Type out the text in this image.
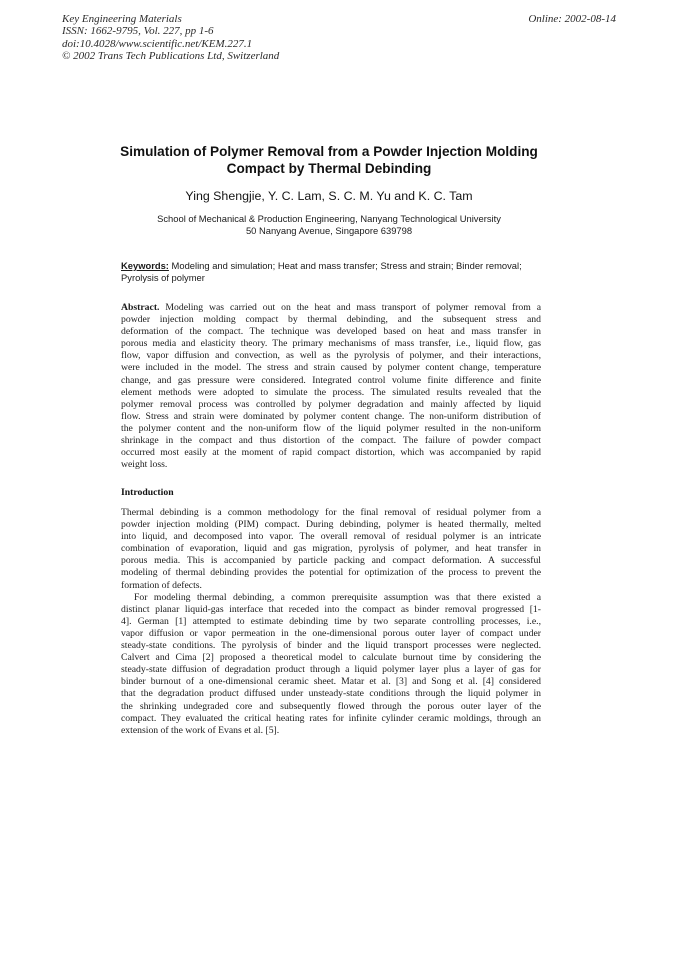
Key Engineering Materials
ISSN: 1662-9795, Vol. 227, pp 1-6
doi:10.4028/www.scientific.net/KEM.227.1
© 2002 Trans Tech Publications Ltd, Switzerland
Online: 2002-08-14
Simulation of Polymer Removal from a Powder Injection Molding
Compact by Thermal Debinding
Ying Shengjie, Y. C. Lam, S. C. M. Yu and K. C. Tam
School of Mechanical & Production Engineering, Nanyang Technological University
50 Nanyang Avenue, Singapore 639798
Keywords: Modeling and simulation; Heat and mass transfer; Stress and strain; Binder removal;
Pyrolysis of polymer
Abstract. Modeling was carried out on the heat and mass transport of polymer removal from a
powder injection molding compact by thermal debinding, and the subsequent stress and
deformation of the compact. The technique was developed based on heat and mass transfer in
porous media and elasticity theory. The primary mechanisms of mass transfer, i.e., liquid flow, gas
flow, vapor diffusion and convection, as well as the pyrolysis of polymer, and their interactions,
were included in the model. The stress and strain caused by polymer content change, temperature
change, and gas pressure were considered. Integrated control volume finite difference and finite
element methods were adopted to simulate the process. The simulated results revealed that the
polymer removal process was controlled by polymer degradation and mainly affected by liquid
flow. Stress and strain were dominated by polymer content change. The non-uniform distribution of
the polymer content and the non-uniform flow of the liquid polymer resulted in the non-uniform
shrinkage in the compact and thus distortion of the compact. The failure of powder compact
occurred most easily at the moment of rapid compact distortion, which was accompanied by rapid
weight loss.
Introduction
Thermal debinding is a common methodology for the final removal of residual polymer from a
powder injection molding (PIM) compact. During debinding, polymer is heated thermally, melted
into liquid, and decomposed into vapor. The overall removal of residual polymer is an intricate
combination of evaporation, liquid and gas migration, pyrolysis of polymer, and heat transfer in
porous media. This is accompanied by particle packing and compact deformation. A successful
modeling of thermal debinding provides the potential for optimization of the process to prevent the
formation of defects.
For modeling thermal debinding, a common prerequisite assumption was that there existed a
distinct planar liquid-gas interface that receded into the compact as binder removal progressed [1-
4]. German [1] attempted to estimate debinding time by two separate controlling processes, i.e.,
vapor diffusion or vapor permeation in the one-dimensional porous outer layer of compact under
steady-state conditions. The pyrolysis of binder and the liquid transport processes were neglected.
Calvert and Cima [2] proposed a theoretical model to calculate burnout time by considering the
steady-state diffusion of degradation product through a liquid polymer layer plus a layer of gas for
binder burnout of a one-dimensional ceramic sheet. Matar et al. [3] and Song et al. [4] considered
that the degradation product diffused under unsteady-state conditions through the liquid polymer in
the shrinking undegraded core and subsequently flowed through the porous outer layer of the
compact. They evaluated the critical heating rates for infinite cylinder ceramic moldings, through an
extension of the work of Evans et al. [5].
